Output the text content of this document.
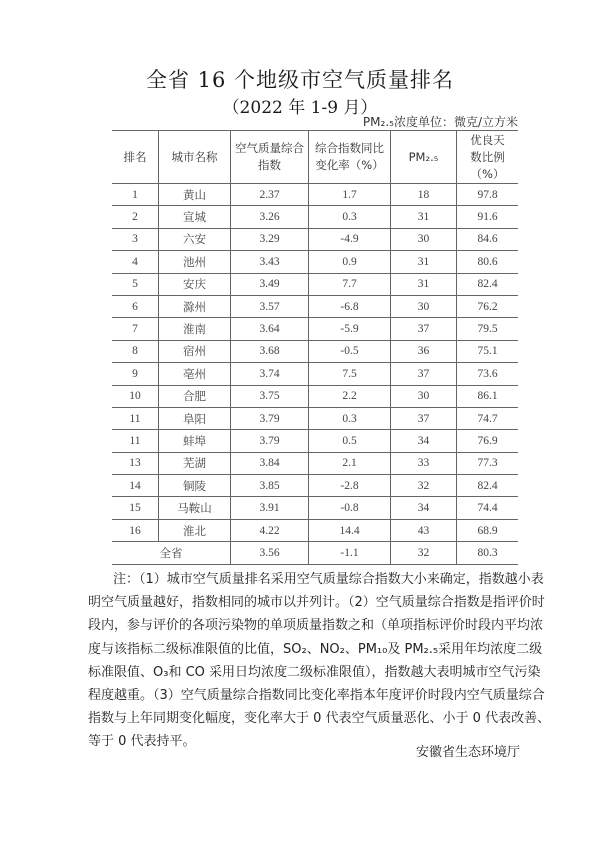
全省 16 个地级市空气质量排名
（2022 年 1-9 月）
PM₂.₅浓度单位：微克/立方米
排名	城市名称	空气质量综合指数	综合指数同比变化率（%）	PM₂.₅	优良天数比例（%）
1	黄山	2.37	1.7	18	97.8
2	宣城	3.26	0.3	31	91.6
3	六安	3.29	-4.9	30	84.6
4	池州	3.43	0.9	31	80.6
5	安庆	3.49	7.7	31	82.4
6	滁州	3.57	-6.8	30	76.2
7	淮南	3.64	-5.9	37	79.5
8	宿州	3.68	-0.5	36	75.1
9	亳州	3.74	7.5	37	73.6
10	合肥	3.75	2.2	30	86.1
11	阜阳	3.79	0.3	37	74.7
11	蚌埠	3.79	0.5	34	76.9
13	芜湖	3.84	2.1	33	77.3
14	铜陵	3.85	-2.8	32	82.4
15	马鞍山	3.91	-0.8	34	74.4
16	淮北	4.22	14.4	43	68.9
全省		3.56	-1.1	32	80.3
注：（1）城市空气质量排名采用空气质量综合指数大小来确定，指数越小表
明空气质量越好，指数相同的城市以并列计。（2）空气质量综合指数是指评价时
段内，参与评价的各项污染物的单项质量指数之和（单项指标评价时段内平均浓
度与该指标二级标准限值的比值，SO₂、NO₂、PM₁₀及 PM₂.₅采用年均浓度二级
标准限值、O₃和 CO 采用日均浓度二级标准限值），指数越大表明城市空气污染
程度越重。（3）空气质量综合指数同比变化率指本年度评价时段内空气质量综合
指数与上年同期变化幅度，变化率大于 0 代表空气质量恶化、小于 0 代表改善、
等于 0 代表持平。
安徽省生态环境厅
